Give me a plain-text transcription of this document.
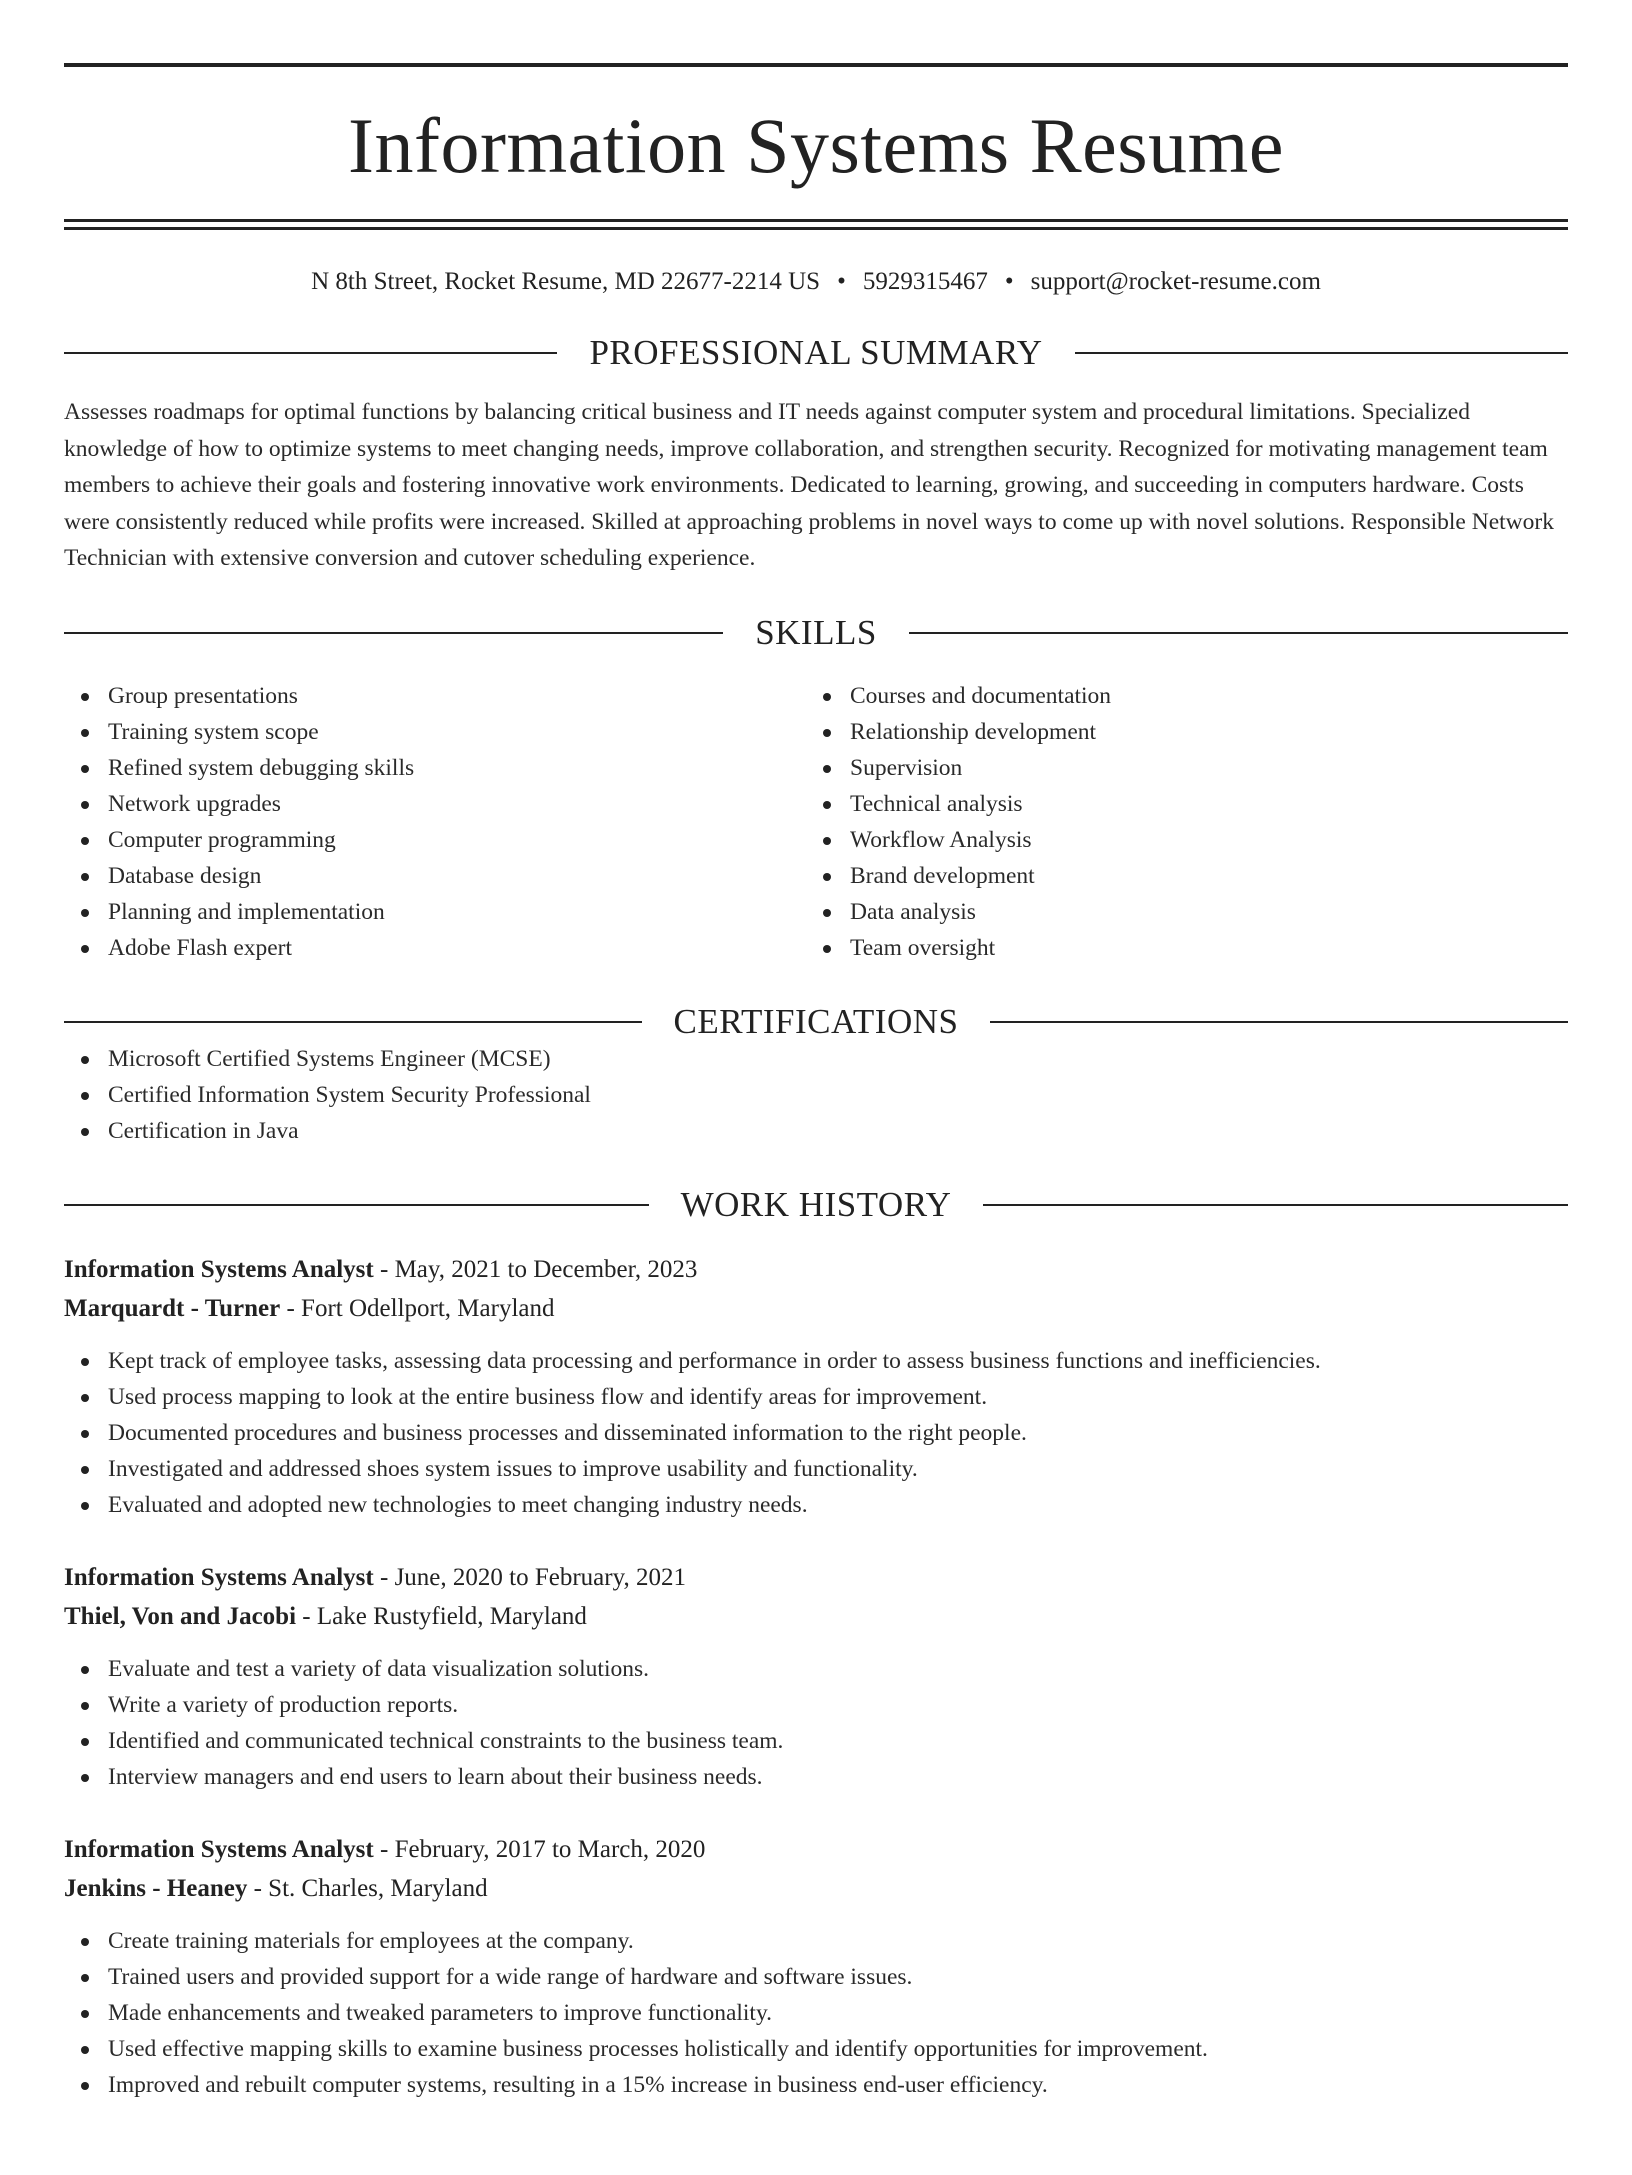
Information Systems Resume
N 8th Street, Rocket Resume, MD 22677-2214 US • 5929315467 • support@rocket-resume.com
PROFESSIONAL SUMMARY
Assesses roadmaps for optimal functions by balancing critical business and IT needs against computer system and procedural limitations. Specialized knowledge of how to optimize systems to meet changing needs, improve collaboration, and strengthen security. Recognized for motivating management team members to achieve their goals and fostering innovative work environments. Dedicated to learning, growing, and succeeding in computers hardware. Costs were consistently reduced while profits were increased. Skilled at approaching problems in novel ways to come up with novel solutions. Responsible Network Technician with extensive conversion and cutover scheduling experience.
SKILLS
Group presentations
Training system scope
Refined system debugging skills
Network upgrades
Computer programming
Database design
Planning and implementation
Adobe Flash expert
Courses and documentation
Relationship development
Supervision
Technical analysis
Workflow Analysis
Brand development
Data analysis
Team oversight
CERTIFICATIONS
Microsoft Certified Systems Engineer (MCSE)
Certified Information System Security Professional
Certification in Java
WORK HISTORY
Information Systems Analyst - May, 2021 to December, 2023
Marquardt - Turner - Fort Odellport, Maryland
Kept track of employee tasks, assessing data processing and performance in order to assess business functions and inefficiencies.
Used process mapping to look at the entire business flow and identify areas for improvement.
Documented procedures and business processes and disseminated information to the right people.
Investigated and addressed shoes system issues to improve usability and functionality.
Evaluated and adopted new technologies to meet changing industry needs.
Information Systems Analyst - June, 2020 to February, 2021
Thiel, Von and Jacobi - Lake Rustyfield, Maryland
Evaluate and test a variety of data visualization solutions.
Write a variety of production reports.
Identified and communicated technical constraints to the business team.
Interview managers and end users to learn about their business needs.
Information Systems Analyst - February, 2017 to March, 2020
Jenkins - Heaney - St. Charles, Maryland
Create training materials for employees at the company.
Trained users and provided support for a wide range of hardware and software issues.
Made enhancements and tweaked parameters to improve functionality.
Used effective mapping skills to examine business processes holistically and identify opportunities for improvement.
Improved and rebuilt computer systems, resulting in a 15% increase in business end-user efficiency.
